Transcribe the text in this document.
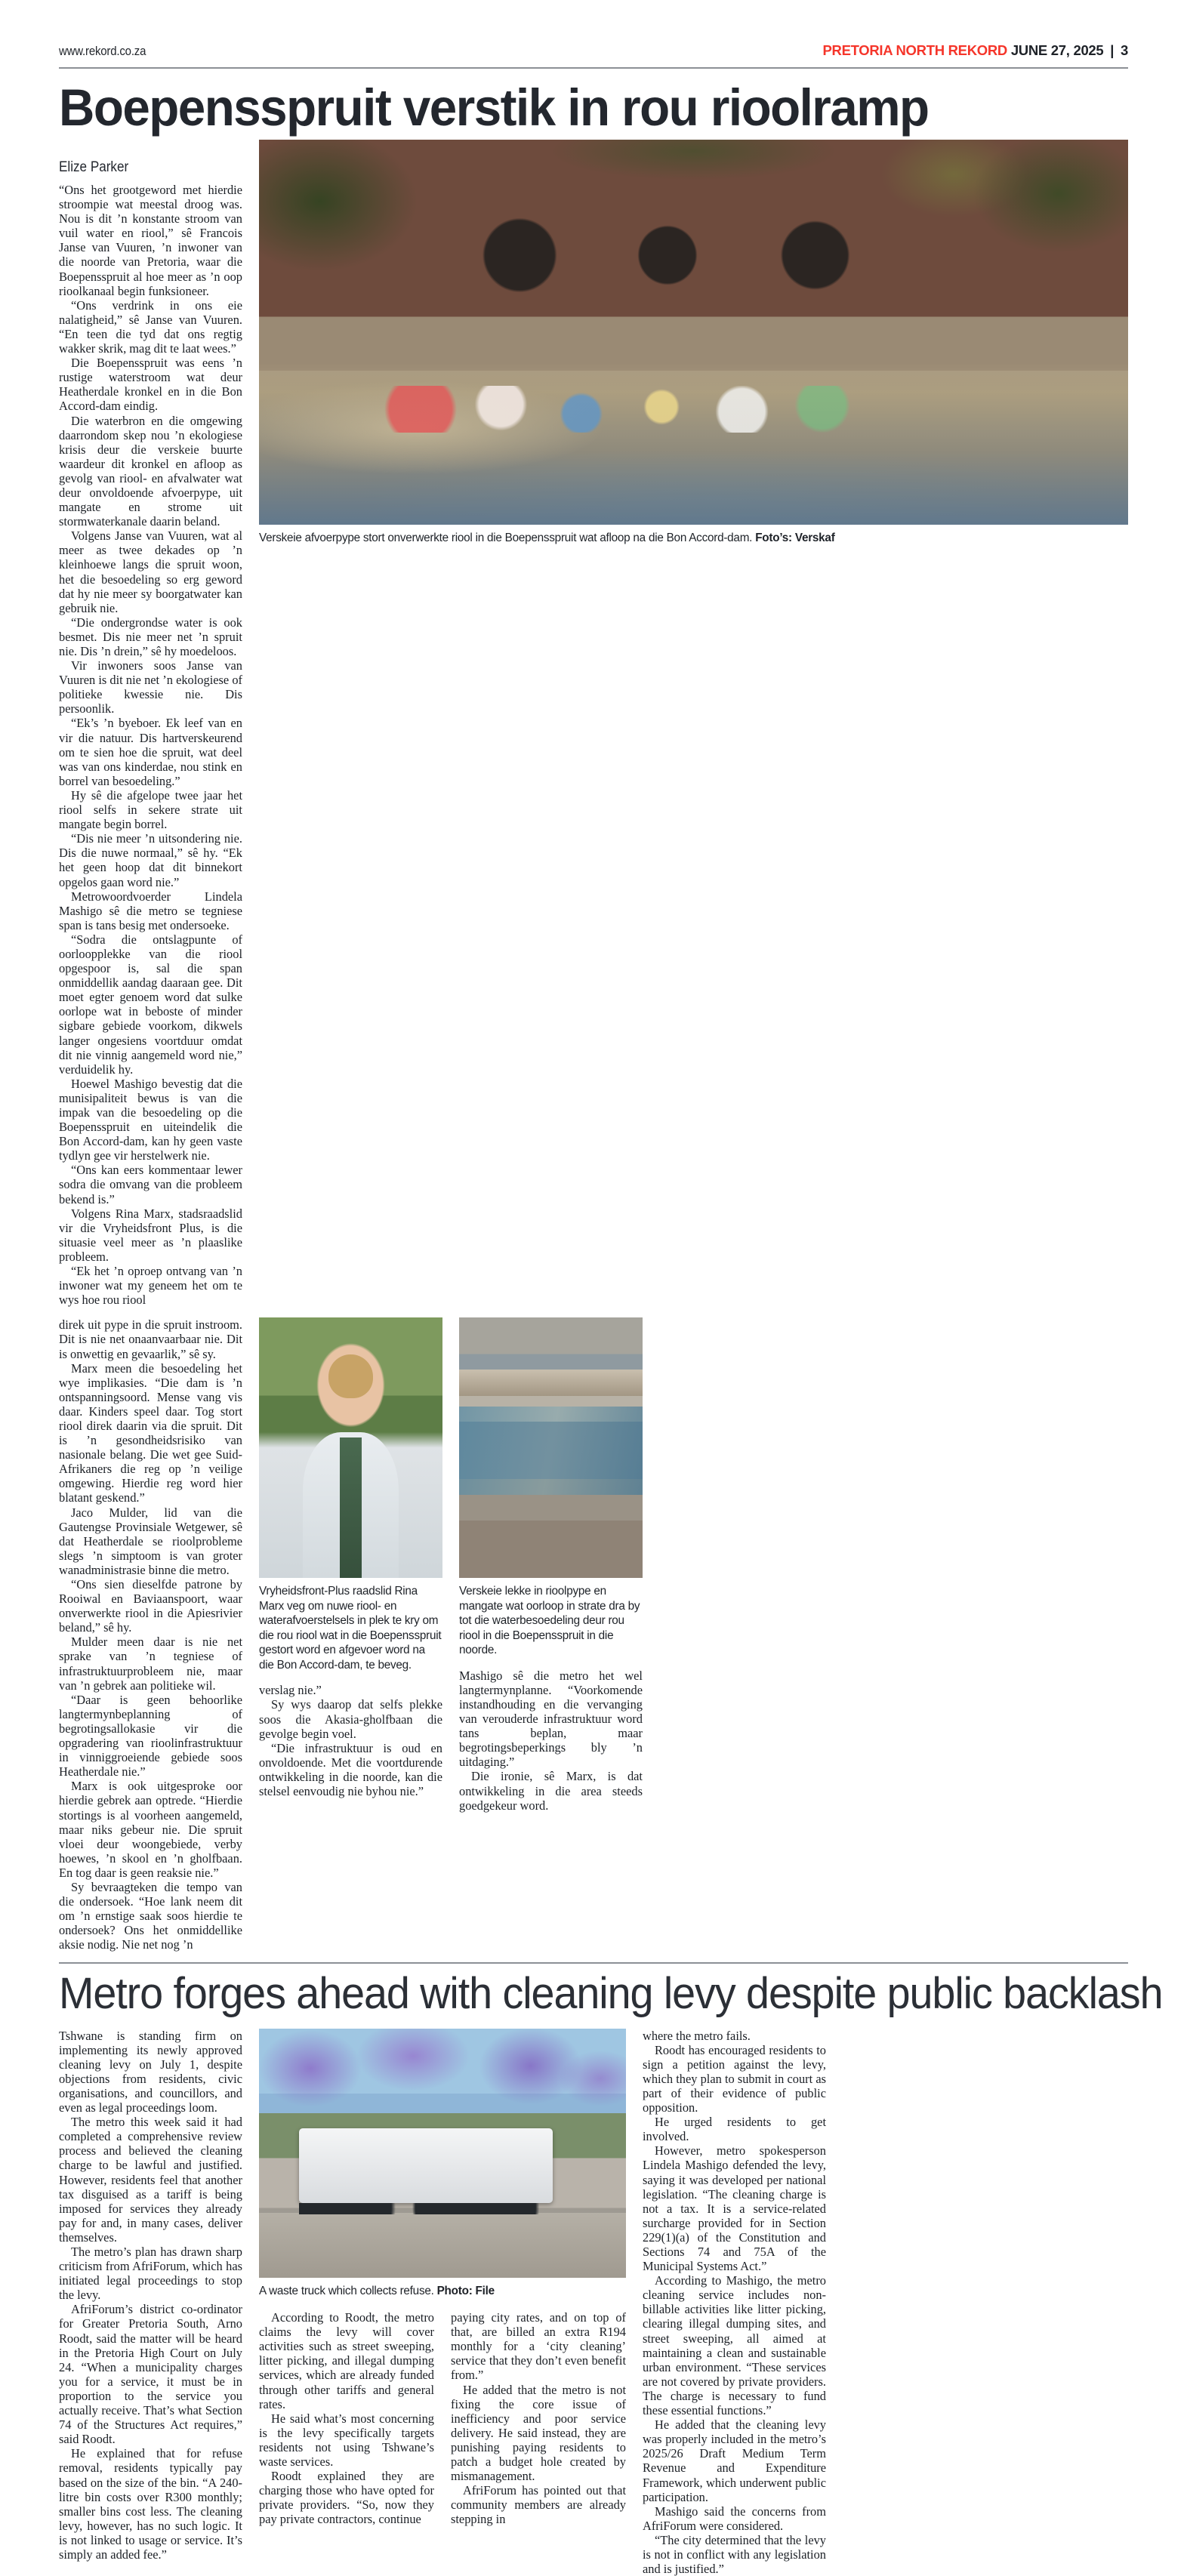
www.rekord.co.za	PRETORIA NORTH REKORD JUNE 27, 2025 | 3
Boepensspruit verstik in rou rioolramp
Elize Parker

“Ons het grootgeword met hierdie stroompie wat meestal droog was. Nou is dit ’n konstante stroom van vuil water en riool,” sê Francois Janse van Vuuren, ’n inwoner van die noorde van Pretoria, waar die Boepensspruit al hoe meer as ’n oop rioolkanaal begin funksioneer.

“Ons verdrink in ons eie nalatigheid,” sê Janse van Vuuren. “En teen die tyd dat ons regtig wakker skrik, mag dit te laat wees.”

Die Boepensspruit was eens ’n rustige waterstroom wat deur Heatherdale kronkel en in die Bon Accord-dam eindig.

Die waterbron en die omgewing daarrondom skep nou ’n ekologiese krisis deur die verskeie buurte waardeur dit kronkel en afloop as gevolg van riool- en afvalwater wat deur onvoldoende afvoerpype, uit mangate en strome uit stormwaterkanale daarin beland.

Volgens Janse van Vuuren, wat al meer as twee dekades op ’n kleinhoewe langs die spruit woon, het die besoedeling so erg geword dat hy nie meer sy boorgatwater kan gebruik nie.

“Die ondergrondse water is ook besmet. Dis nie meer net ’n spruit nie. Dis ’n drein,” sê hy moedeloos.

Vir inwoners soos Janse van Vuuren is dit nie net ’n ekologiese of politieke kwessie nie. Dis persoonlik.

“Ek’s ’n byeboer. Ek leef van en vir die natuur. Dis hartverskeurend om te sien hoe die spruit, wat deel was van ons kinderdae, nou stink en borrel van besoedeling.”

Hy sê die afgelope twee jaar het riool selfs in sekere strate uit mangate begin borrel.

“Dis nie meer ’n uitsondering nie. Dis die nuwe normaal,” sê hy. “Ek het geen hoop dat dit binnekort opgelos gaan word nie.”

Metrowoordvoerder Lindela Mashigo sê die metro se tegniese span is tans besig met ondersoeke.

“Sodra die ontslagpunte of oorloopplekke van die riool opgespoor is, sal die span onmiddellik aandag daaraan gee. Dit moet egter genoem word dat sulke oorlope wat in beboste of minder sigbare gebiede voorkom, dikwels langer ongesiens voortduur omdat dit nie vinnig aangemeld word nie,” verduidelik hy.

Hoewel Mashigo bevestig dat die munisipaliteit bewus is van die impak van die besoedeling op die Boepensspruit en uiteindelik die Bon Accord-dam, kan hy geen vaste tydlyn gee vir herstelwerk nie.

“Ons kan eers kommentaar lewer sodra die omvang van die probleem bekend is.”

Volgens Rina Marx, stadsraadslid vir die Vryheidsfront Plus, is die situasie veel meer as ’n plaaslike probleem.

“Ek het ’n oproep ontvang van ’n inwoner wat my geneem het om te wys hoe rou riool

Verskeie afvoerpype stort onverwerkte riool in die Boepensspruit wat afloop na die Bon Accord-dam. Foto’s: Verskaf

direk uit pype in die spruit instroom. Dit is nie net onaanvaarbaar nie. Dit is onwettig en gevaarlik,” sê sy.

Marx meen die besoedeling het wye implikasies. “Die dam is ’n ontspanningsoord. Mense vang vis daar. Kinders speel daar. Tog stort riool direk daarin via die spruit. Dit is ’n gesondheidsrisiko van nasionale belang. Die wet gee Suid-Afrikaners die reg op ’n veilige omgewing. Hierdie reg word hier blatant geskend.”

Jaco Mulder, lid van die Gautengse Provinsiale Wetgewer, sê dat Heatherdale se rioolprobleme slegs ’n simptoom is van groter wanadministrasie binne die metro.

“Ons sien dieselfde patrone by Rooiwal en Baviaanspoort, waar onverwerkte riool in die Apiesrivier beland,” sê hy.

Mulder meen daar is nie net sprake van ’n tegniese of infrastruktuurprobleem nie, maar van ’n gebrek aan politieke wil.

“Daar is geen behoorlike langtermynbeplanning of begrotingsallokasie vir die opgradering van rioolinfrastruktuur in vinniggroeiende gebiede soos Heatherdale nie.”

Marx is ook uitgesproke oor hierdie gebrek aan optrede. “Hierdie stortings is al voorheen aangemeld, maar niks gebeur nie. Die spruit vloei deur woongebiede, verby hoewes, ’n skool en ’n gholfbaan. En tog daar is geen reaksie nie.”

Sy bevraagteken die tempo van die ondersoek. “Hoe lank neem dit om ’n ernstige saak soos hierdie te ondersoek? Ons het onmiddellike aksie nodig. Nie net nog ’n

Vryheidsfront-Plus raadslid Rina Marx veg om nuwe riool- en waterafvoerstelsels in plek te kry om die rou riool wat in die Boepensspruit gestort word en afgevoer word na die Bon Accord-dam, te beveg.

verslag nie.”

Sy wys daarop dat selfs plekke soos die Akasia-gholfbaan die gevolge begin voel.

“Die infrastruktuur is oud en onvoldoende. Met die voortdurende ontwikkeling in die noorde, kan die stelsel eenvoudig nie byhou nie.”

Verskeie lekke in rioolpype en mangate wat oorloop in strate dra by tot die waterbesoedeling deur rou riool in die Boepensspruit in die noorde.

Mashigo sê die metro het wel langtermynplanne. “Voorkomende instandhouding en die vervanging van verouderde infrastruktuur word tans beplan, maar begrotingsbeperkings bly ’n uitdaging.”

Die ironie, sê Marx, is dat ontwikkeling in die area steeds goedgekeur word.

Metro forges ahead with cleaning levy despite public backlash

Tshwane is standing firm on implementing its newly approved cleaning levy on July 1, despite objections from residents, civic organisations, and councillors, and even as legal proceedings loom.

The metro this week said it had completed a comprehensive review process and believed the cleaning charge to be lawful and justified. However, residents feel that another tax disguised as a tariff is being imposed for services they already pay for and, in many cases, deliver themselves.

The metro’s plan has drawn sharp criticism from AfriForum, which has initiated legal proceedings to stop the levy.

AfriForum’s district co-ordinator for Greater Pretoria South, Arno Roodt, said the matter will be heard in the Pretoria High Court on July 24. “When a municipality charges you for a service, it must be in proportion to the service you actually receive. That’s what Section 74 of the Structures Act requires,” said Roodt.

He explained that for refuse removal, residents typically pay based on the size of the bin. “A 240-litre bin costs over R300 monthly; smaller bins cost less. The cleaning levy, however, has no such logic. It is not linked to usage or service. It’s simply an added fee.”

A waste truck which collects refuse. Photo: File

According to Roodt, the metro claims the levy will cover activities such as street sweeping, litter picking, and illegal dumping services, which are already funded through other tariffs and general rates.

He said what’s most concerning is the levy specifically targets residents not using Tshwane’s waste services.

Roodt explained they are charging those who have opted for private providers. “So, now they pay private contractors, continue

paying city rates, and on top of that, are billed an extra R194 monthly for a ‘city cleaning’ service that they don’t even benefit from.”

He added that the metro is not fixing the core issue of inefficiency and poor service delivery. He said instead, they are punishing paying residents to patch a budget hole created by mismanagement.

AfriForum has pointed out that community members are already stepping in

where the metro fails.

Roodt has encouraged residents to sign a petition against the levy, which they plan to submit in court as part of their evidence of public opposition.

He urged residents to get involved.

However, metro spokesperson Lindela Mashigo defended the levy, saying it was developed per national legislation. “The cleaning charge is not a tax. It is a service-related surcharge provided for in Section 229(1)(a) of the Constitution and Sections 74 and 75A of the Municipal Systems Act.”

According to Mashigo, the metro cleaning service includes non-billable activities like litter picking, clearing illegal dumping sites, and street sweeping, all aimed at maintaining a clean and sustainable urban environment. “These services are not covered by private providers. The charge is necessary to fund these essential functions.”

He added that the cleaning levy was properly included in the metro’s 2025/26 Draft Medium Term Revenue and Expenditure Framework, which underwent public participation.

Mashigo said the concerns from AfriForum were considered.

“The city determined that the levy is not in conflict with any legislation and is justified.”
